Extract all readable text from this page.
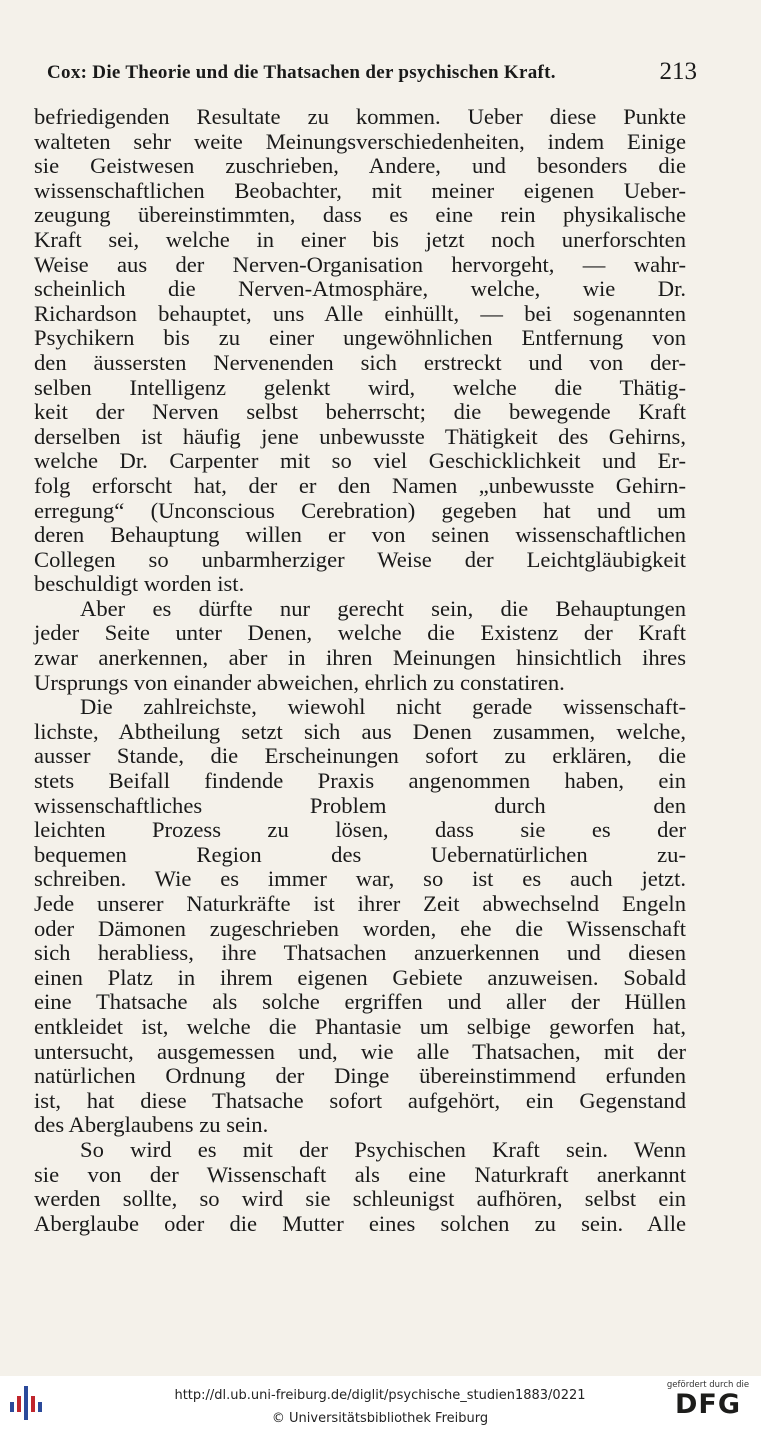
Cox: Die Theorie und die Thatsachen der psychischen Kraft.	213
befriedigenden Resultate zu kommen. Ueber diese Punkte
walteten sehr weite Meinungsverschiedenheiten, indem Einige
sie Geistwesen zuschrieben, Andere, und besonders die
wissenschaftlichen Beobachter, mit meiner eigenen Ueber-
zeugung übereinstimmten, dass es eine rein physikalische
Kraft sei, welche in einer bis jetzt noch unerforschten
Weise aus der Nerven-Organisation hervorgeht, — wahr-
scheinlich die Nerven-Atmosphäre, welche, wie Dr.
Richardson behauptet, uns Alle einhüllt, — bei sogenannten
Psychikern bis zu einer ungewöhnlichen Entfernung von
den äussersten Nervenenden sich erstreckt und von der-
selben Intelligenz gelenkt wird, welche die Thätig-
keit der Nerven selbst beherrscht; die bewegende Kraft
derselben ist häufig jene unbewusste Thätigkeit des Gehirns,
welche Dr. Carpenter mit so viel Geschicklichkeit und Er-
folg erforscht hat, der er den Namen „unbewusste Gehirn-
erregung“ (Unconscious Cerebration) gegeben hat und um
deren Behauptung willen er von seinen wissenschaftlichen
Collegen so unbarmherziger Weise der Leichtgläubigkeit
beschuldigt worden ist.
Aber es dürfte nur gerecht sein, die Behauptungen
jeder Seite unter Denen, welche die Existenz der Kraft
zwar anerkennen, aber in ihren Meinungen hinsichtlich ihres
Ursprungs von einander abweichen, ehrlich zu constatiren.
Die zahlreichste, wiewohl nicht gerade wissenschaft-
lichste, Abtheilung setzt sich aus Denen zusammen, welche,
ausser Stande, die Erscheinungen sofort zu erklären, die
stets Beifall findende Praxis angenommen haben, ein
wissenschaftliches Problem durch den
leichten Prozess zu lösen, dass sie es der
bequemen Region des Uebernatürlichen zu-
schreiben. Wie es immer war, so ist es auch jetzt.
Jede unserer Naturkräfte ist ihrer Zeit abwechselnd Engeln
oder Dämonen zugeschrieben worden, ehe die Wissenschaft
sich herabliess, ihre Thatsachen anzuerkennen und diesen
einen Platz in ihrem eigenen Gebiete anzuweisen. Sobald
eine Thatsache als solche ergriffen und aller der Hüllen
entkleidet ist, welche die Phantasie um selbige geworfen hat,
untersucht, ausgemessen und, wie alle Thatsachen, mit der
natürlichen Ordnung der Dinge übereinstimmend erfunden
ist, hat diese Thatsache sofort aufgehört, ein Gegenstand
des Aberglaubens zu sein.
So wird es mit der Psychischen Kraft sein. Wenn
sie von der Wissenschaft als eine Naturkraft anerkannt
werden sollte, so wird sie schleunigst aufhören, selbst ein
Aberglaube oder die Mutter eines solchen zu sein. Alle
http://dl.ub.uni-freiburg.de/diglit/psychische_studien1883/0221
© Universitätsbibliothek Freiburg
gefördert durch die
DFG
